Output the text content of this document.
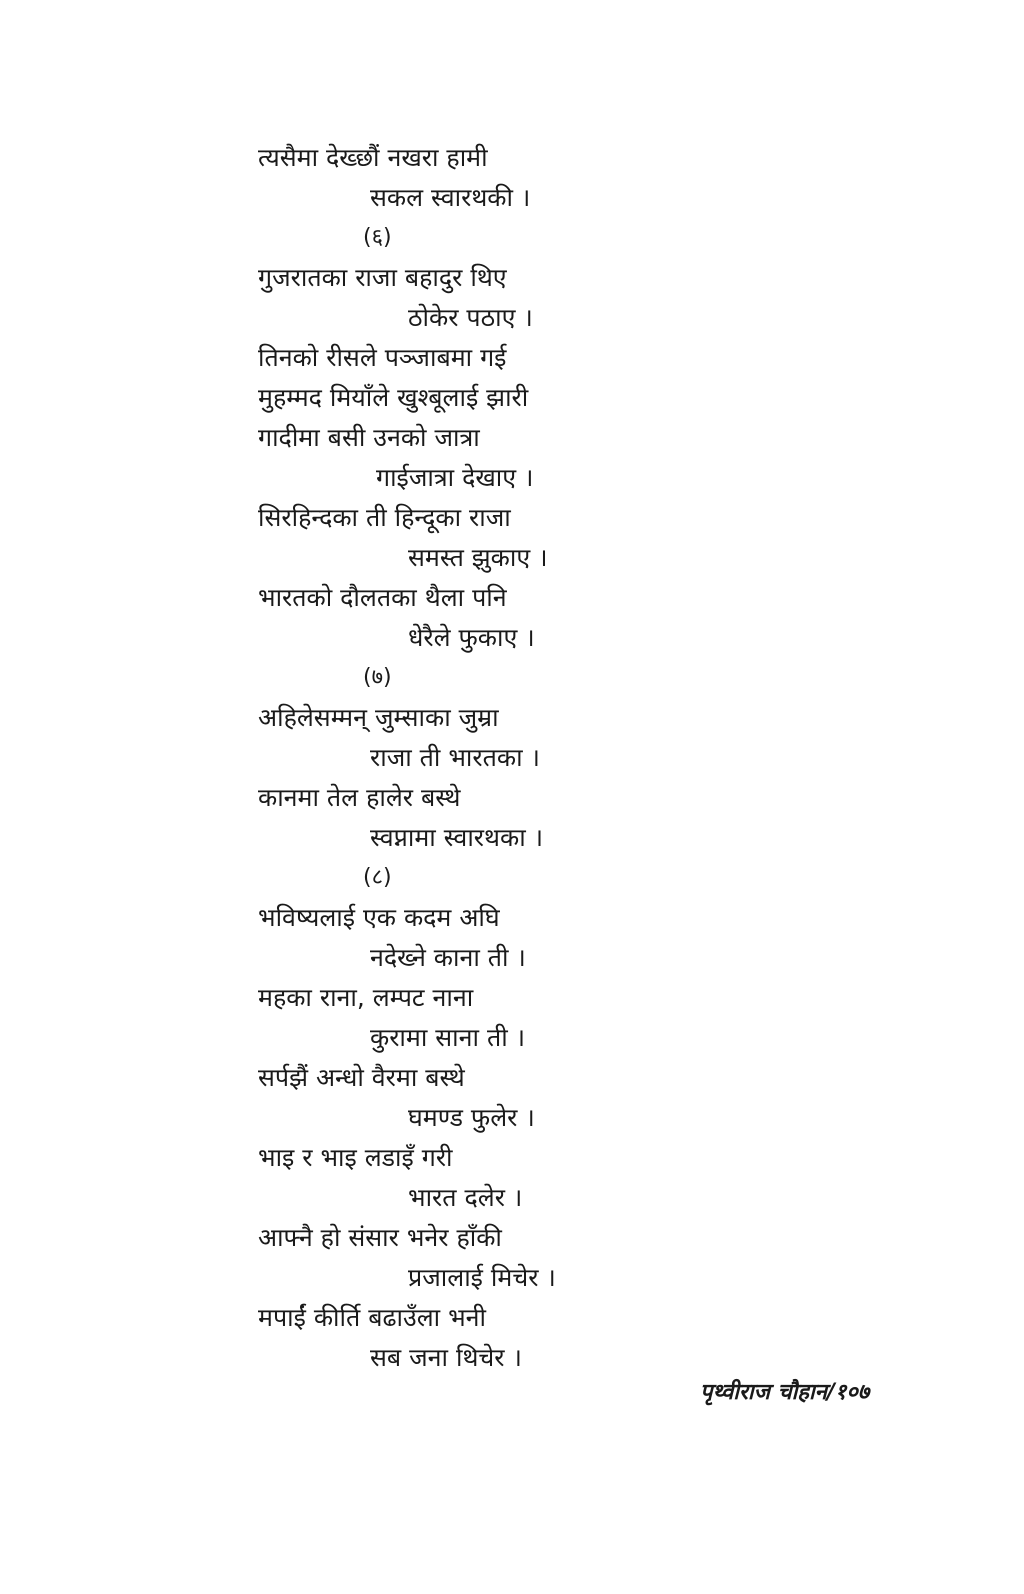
त्यसैमा देख्छौं नखरा हामी
सकल स्वारथकी ।
(६)
गुजरातका राजा बहादुर थिए
ठोकेर पठाए ।
तिनको रीसले पञ्जाबमा गई
मुहम्मद मियाँले खुश्बूलाई झारी
गादीमा बसी उनको जात्रा
गाईजात्रा देखाए ।
सिरहिन्दका ती हिन्दूका राजा
समस्त झुकाए ।
भारतको दौलतका थैला पनि
धेरैले फुकाए ।
(७)
अहिलेसम्मन् जुम्साका जुम्रा
राजा ती भारतका ।
कानमा तेल हालेर बस्थे
स्वप्नामा स्वारथका ।
(८)
भविष्यलाई एक कदम अघि
नदेख्ने काना ती ।
महका राना, लम्पट नाना
कुरामा साना ती ।
सर्पझैं अन्धो वैरमा बस्थे
घमण्ड फुलेर ।
भाइ र भाइ लडाइँ गरी
भारत दलेर ।
आफ्नै हो संसार भनेर हाँकी
प्रजालाई मिचेर ।
मपाईं कीर्ति बढाउँला भनी
सब जना थिचेर ।
पृथ्वीराज चौहान/१०७
